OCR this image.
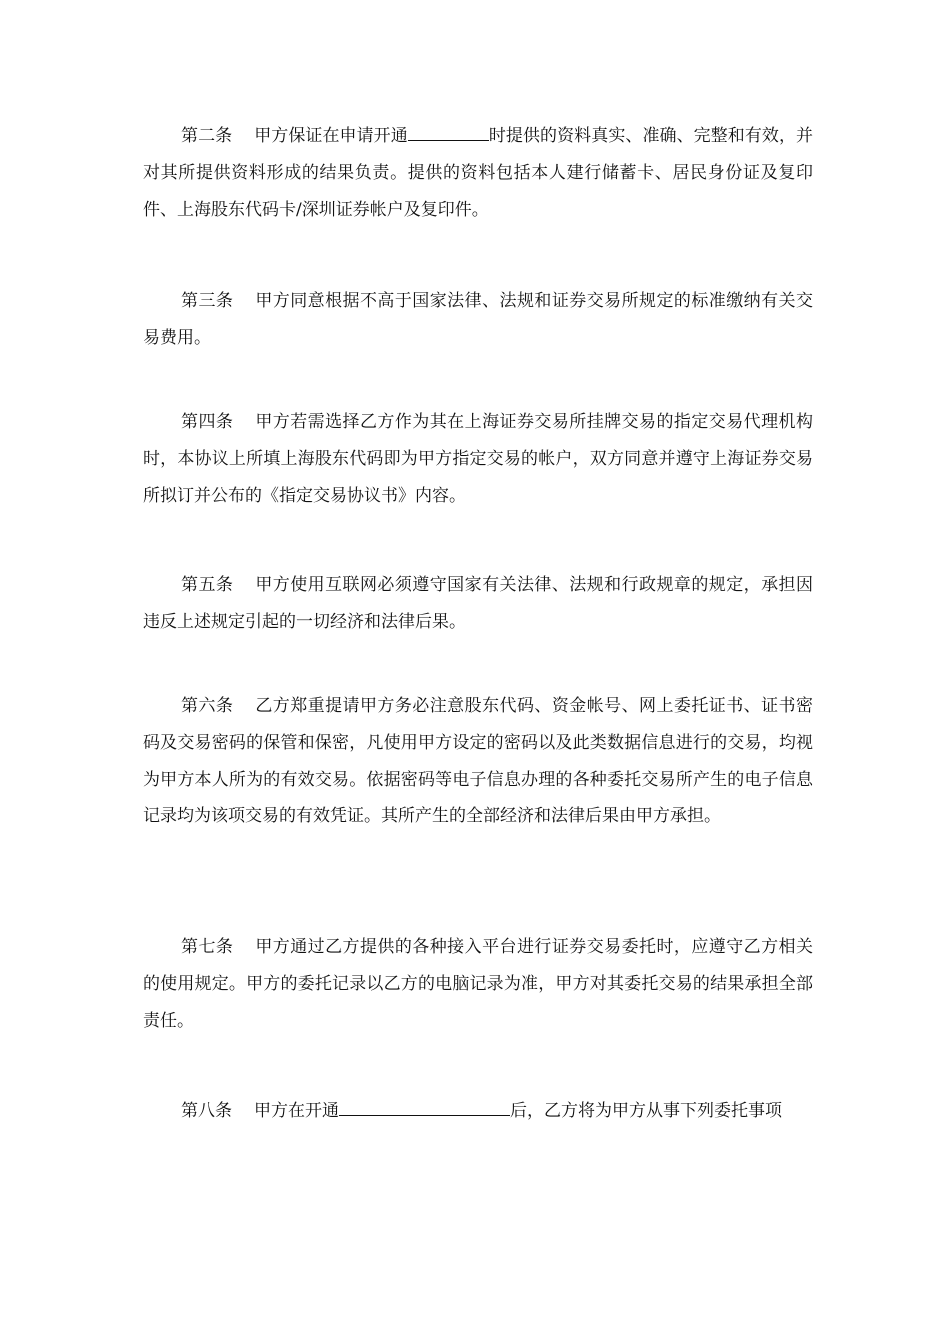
第二条 甲方保证在申请开通	时提供的资料真实、准确、完整和有效，并对其所提供资料形成的结果负责。提供的资料包括本人建行储蓄卡、居民身份证及复印件、上海股东代码卡/深圳证券帐户及复印件。

第三条 甲方同意根据不高于国家法律、法规和证券交易所规定的标准缴纳有关交易费用。

第四条 甲方若需选择乙方作为其在上海证券交易所挂牌交易的指定交易代理机构时，本协议上所填上海股东代码即为甲方指定交易的帐户，双方同意并遵守上海证券交易所拟订并公布的《指定交易协议书》内容。

第五条 甲方使用互联网必须遵守国家有关法律、法规和行政规章的规定，承担因违反上述规定引起的一切经济和法律后果。

第六条 乙方郑重提请甲方务必注意股东代码、资金帐号、网上委托证书、证书密码及交易密码的保管和保密，凡使用甲方设定的密码以及此类数据信息进行的交易，均视为甲方本人所为的有效交易。依据密码等电子信息办理的各种委托交易所产生的电子信息记录均为该项交易的有效凭证。其所产生的全部经济和法律后果由甲方承担。

第七条 甲方通过乙方提供的各种接入平台进行证券交易委托时，应遵守乙方相关的使用规定。甲方的委托记录以乙方的电脑记录为准，甲方对其委托交易的结果承担全部责任。

第八条 甲方在开通	后，乙方将为甲方从事下列委托事项
